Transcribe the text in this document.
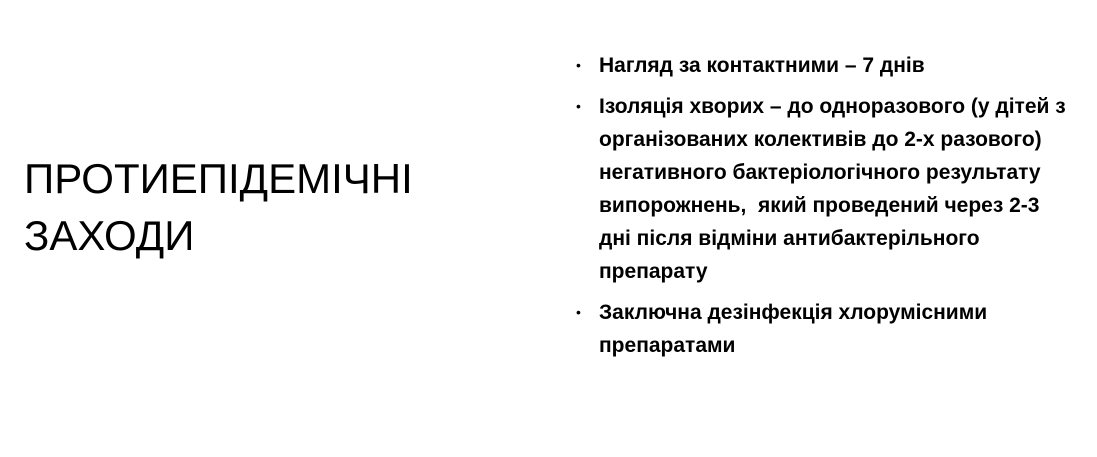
ПРОТИЕПІДЕМІЧНІ ЗАХОДИ
• Нагляд за контактними – 7 днів
• Ізоляція хворих – до одноразового (у дітей з організованих колективів до 2-х разового) негативного бактеріологічного результату випорожнень,  який проведений через 2-3 дні після відміни антибактерільного препарату
• Заключна дезінфекція хлорумісними препаратами
